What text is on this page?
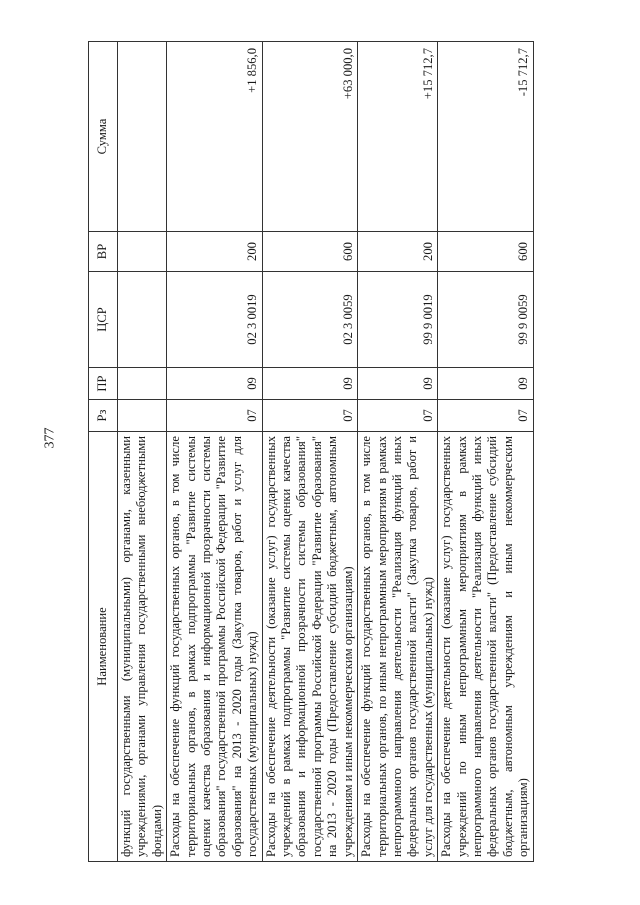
377
Наименование	Рз	ПР	ЦСР	ВР	Сумма
функций государственными (муниципальными) органами, казенными учреждениями, органами управления государственными внебюджетными фондами)					
Расходы на обеспечение функций государственных органов, в том числе территориальных органов, в рамках подпрограммы "Развитие системы оценки качества образования и информационной прозрачности системы образования" государственной программы Российской Федерации "Развитие образования" на 2013 - 2020 годы (Закупка товаров, работ и услуг для государственных (муниципальных) нужд)	07	09	02 3 0019	200	+1 856,0
Расходы на обеспечение деятельности (оказание услуг) государственных учреждений в рамках подпрограммы "Развитие системы оценки качества образования и информационной прозрачности системы образования" государственной программы Российской Федерации "Развитие образования" на 2013 - 2020 годы (Предоставление субсидий бюджетным, автономным учреждениям и иным некоммерческим организациям)	07	09	02 3 0059	600	+63 000,0
Расходы на обеспечение функций государственных органов, в том числе территориальных органов, по иным непрограммным мероприятиям в рамках непрограммного направления деятельности "Реализация функций иных федеральных органов государственной власти" (Закупка товаров, работ и услуг для государственных (муниципальных) нужд)	07	09	99 9 0019	200	+15 712,7
Расходы на обеспечение деятельности (оказание услуг) государственных учреждений по иным непрограммным мероприятиям в рамках непрограммного направления деятельности "Реализация функций иных федеральных органов государственной власти" (Предоставление субсидий бюджетным, автономным учреждениям и иным некоммерческим организациям)	07	09	99 9 0059	600	-15 712,7
